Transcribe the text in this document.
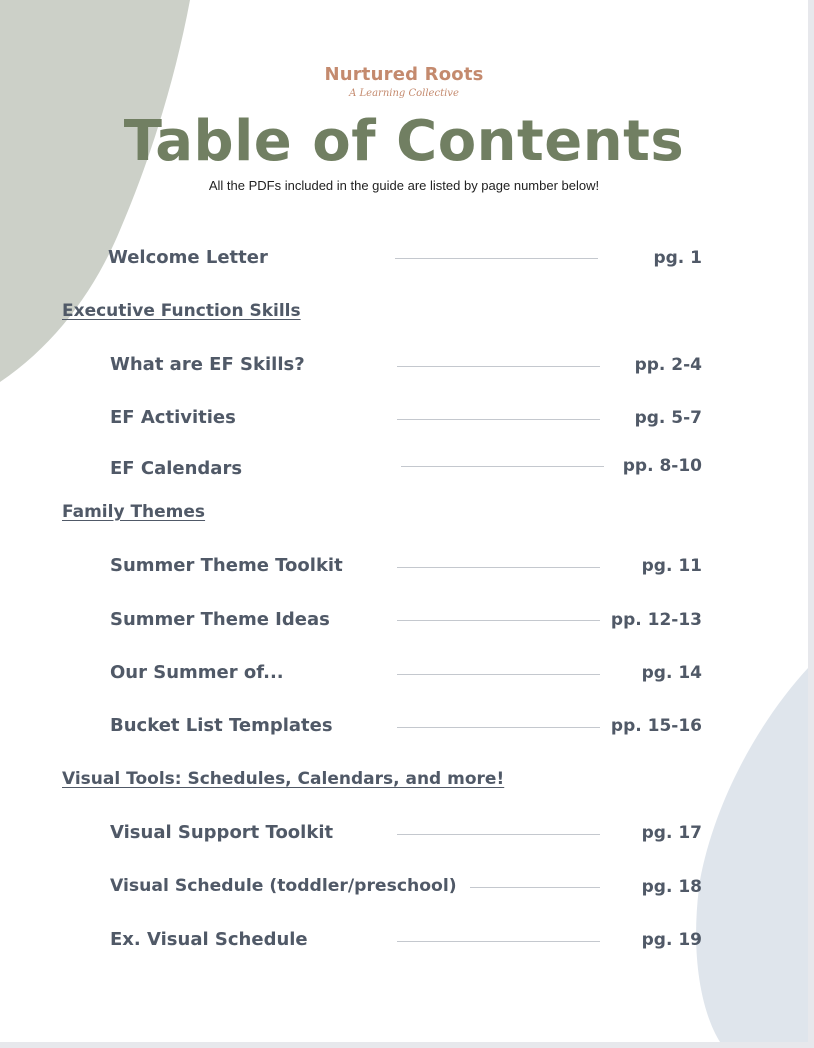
Nurtured Roots
A Learning Collective
Table of Contents
All the PDFs included in the guide are listed by page number below!
Welcome Letter	pg. 1
Executive Function Skills
What are EF Skills?	pp. 2-4
EF Activities	pg. 5-7
EF Calendars	pp. 8-10
Family Themes
Summer Theme Toolkit	pg. 11
Summer Theme Ideas	pp. 12-13
Our Summer of...	pg. 14
Bucket List Templates	pp. 15-16
Visual Tools: Schedules, Calendars, and more!
Visual Support Toolkit	pg. 17
Visual Schedule (toddler/preschool)	pg. 18
Ex. Visual Schedule	pg. 19
